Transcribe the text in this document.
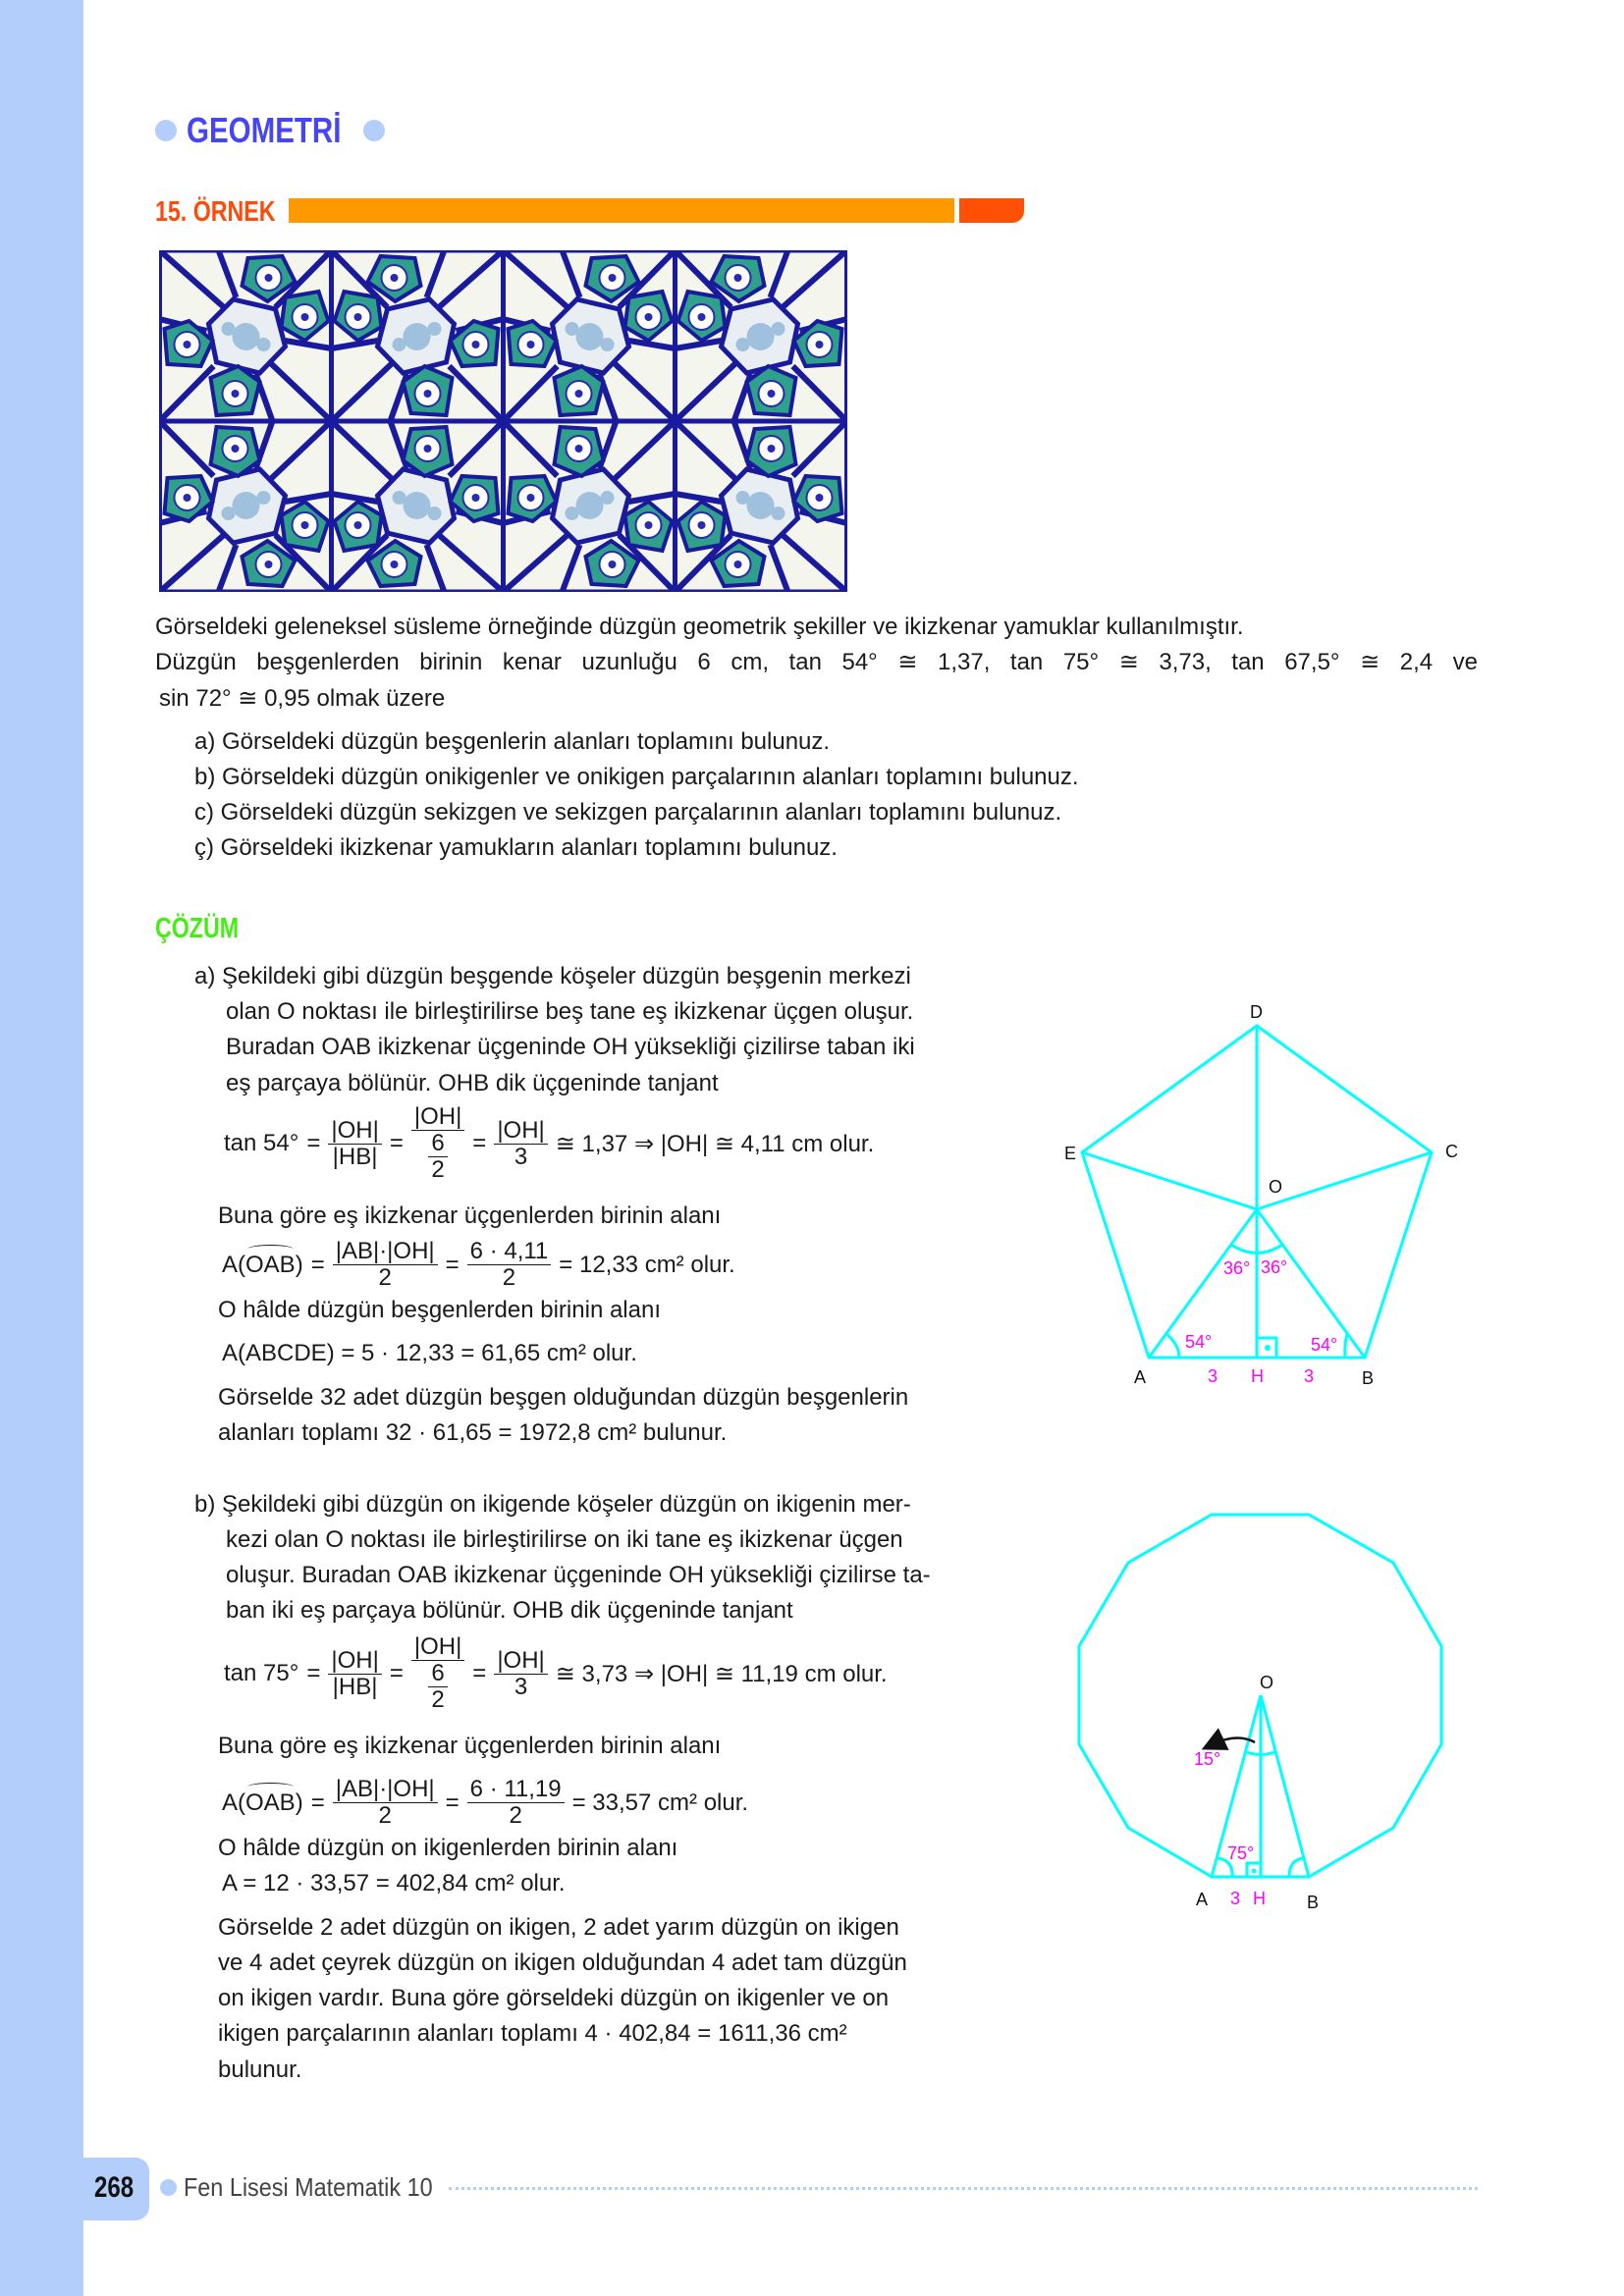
GEOMETRİ
15. ÖRNEK
Görseldeki geleneksel süsleme örneğinde düzgün geometrik şekiller ve ikizkenar yamuklar kullanılmıştır.
Düzgün beşgenlerden birinin kenar uzunluğu 6 cm, tan 54° ≅ 1,37, tan 75° ≅ 3,73, tan 67,5° ≅ 2,4 ve
sin 72° ≅ 0,95 olmak üzere
a) Görseldeki düzgün beşgenlerin alanları toplamını bulunuz.
b) Görseldeki düzgün onikigenler ve onikigen parçalarının alanları toplamını bulunuz.
c) Görseldeki düzgün sekizgen ve sekizgen parçalarının alanları toplamını bulunuz.
ç) Görseldeki ikizkenar yamukların alanları toplamını bulunuz.
ÇÖZÜM
a) Şekildeki gibi düzgün beşgende köşeler düzgün beşgenin merkezi
olan O noktası ile birleştirilirse beş tane eş ikizkenar üçgen oluşur.
Buradan OAB ikizkenar üçgeninde OH yüksekliği çizilirse taban iki
eş parçaya bölünür. OHB dik üçgeninde tanjant
$\tan 54^\circ = \frac{|OH|}{|HB|} = \frac{|OH|}{\frac{6}{2}} = \frac{|OH|}{3}$ ≅ 1,37 ⇒ |OH| ≅ 4,11 cm olur.
Buna göre eş ikizkenar üçgenlerden birinin alanı
$A(OAB) = \frac{|AB|\cdot|OH|}{2} = \frac{6 \cdot 4,11}{2} = 12,33$ cm² olur.
O hâlde düzgün beşgenlerden birinin alanı
A(ABCDE) = 5 · 12,33 = 61,65 cm² olur.
Görselde 32 adet düzgün beşgen olduğundan düzgün beşgenlerin
alanları toplamı 32 · 61,65 = 1972,8 cm² bulunur.
D
E	C
O
A	B
36° 36°
54°	54°
3 H 3
b) Şekildeki gibi düzgün on ikigende köşeler düzgün on ikigenin mer-
kezi olan O noktası ile birleştirilirse on iki tane eş ikizkenar üçgen
oluşur. Buradan OAB ikizkenar üçgeninde OH yüksekliği çizilirse ta-
ban iki eş parçaya bölünür. OHB dik üçgeninde tanjant
$\tan 75^\circ = \frac{|OH|}{|HB|} = \frac{|OH|}{\frac{6}{2}} = \frac{|OH|}{3}$ ≅ 3,73 ⇒ |OH| ≅ 11,19 cm olur.
Buna göre eş ikizkenar üçgenlerden birinin alanı
$A(OAB) = \frac{|AB|\cdot|OH|}{2} = \frac{6 \cdot 11,19}{2} = 33,57$ cm² olur.
O hâlde düzgün on ikigenlerden birinin alanı
A = 12 · 33,57 = 402,84 cm² olur.
Görselde 2 adet düzgün on ikigen, 2 adet yarım düzgün on ikigen
ve 4 adet çeyrek düzgün on ikigen olduğundan 4 adet tam düzgün
on ikigen vardır. Buna göre görseldeki düzgün on ikigenler ve on
ikigen parçalarının alanları toplamı 4 · 402,84 = 1611,36 cm²
bulunur.
O
A	B
15°
75°
3 H
268 Fen Lisesi Matematik 10
